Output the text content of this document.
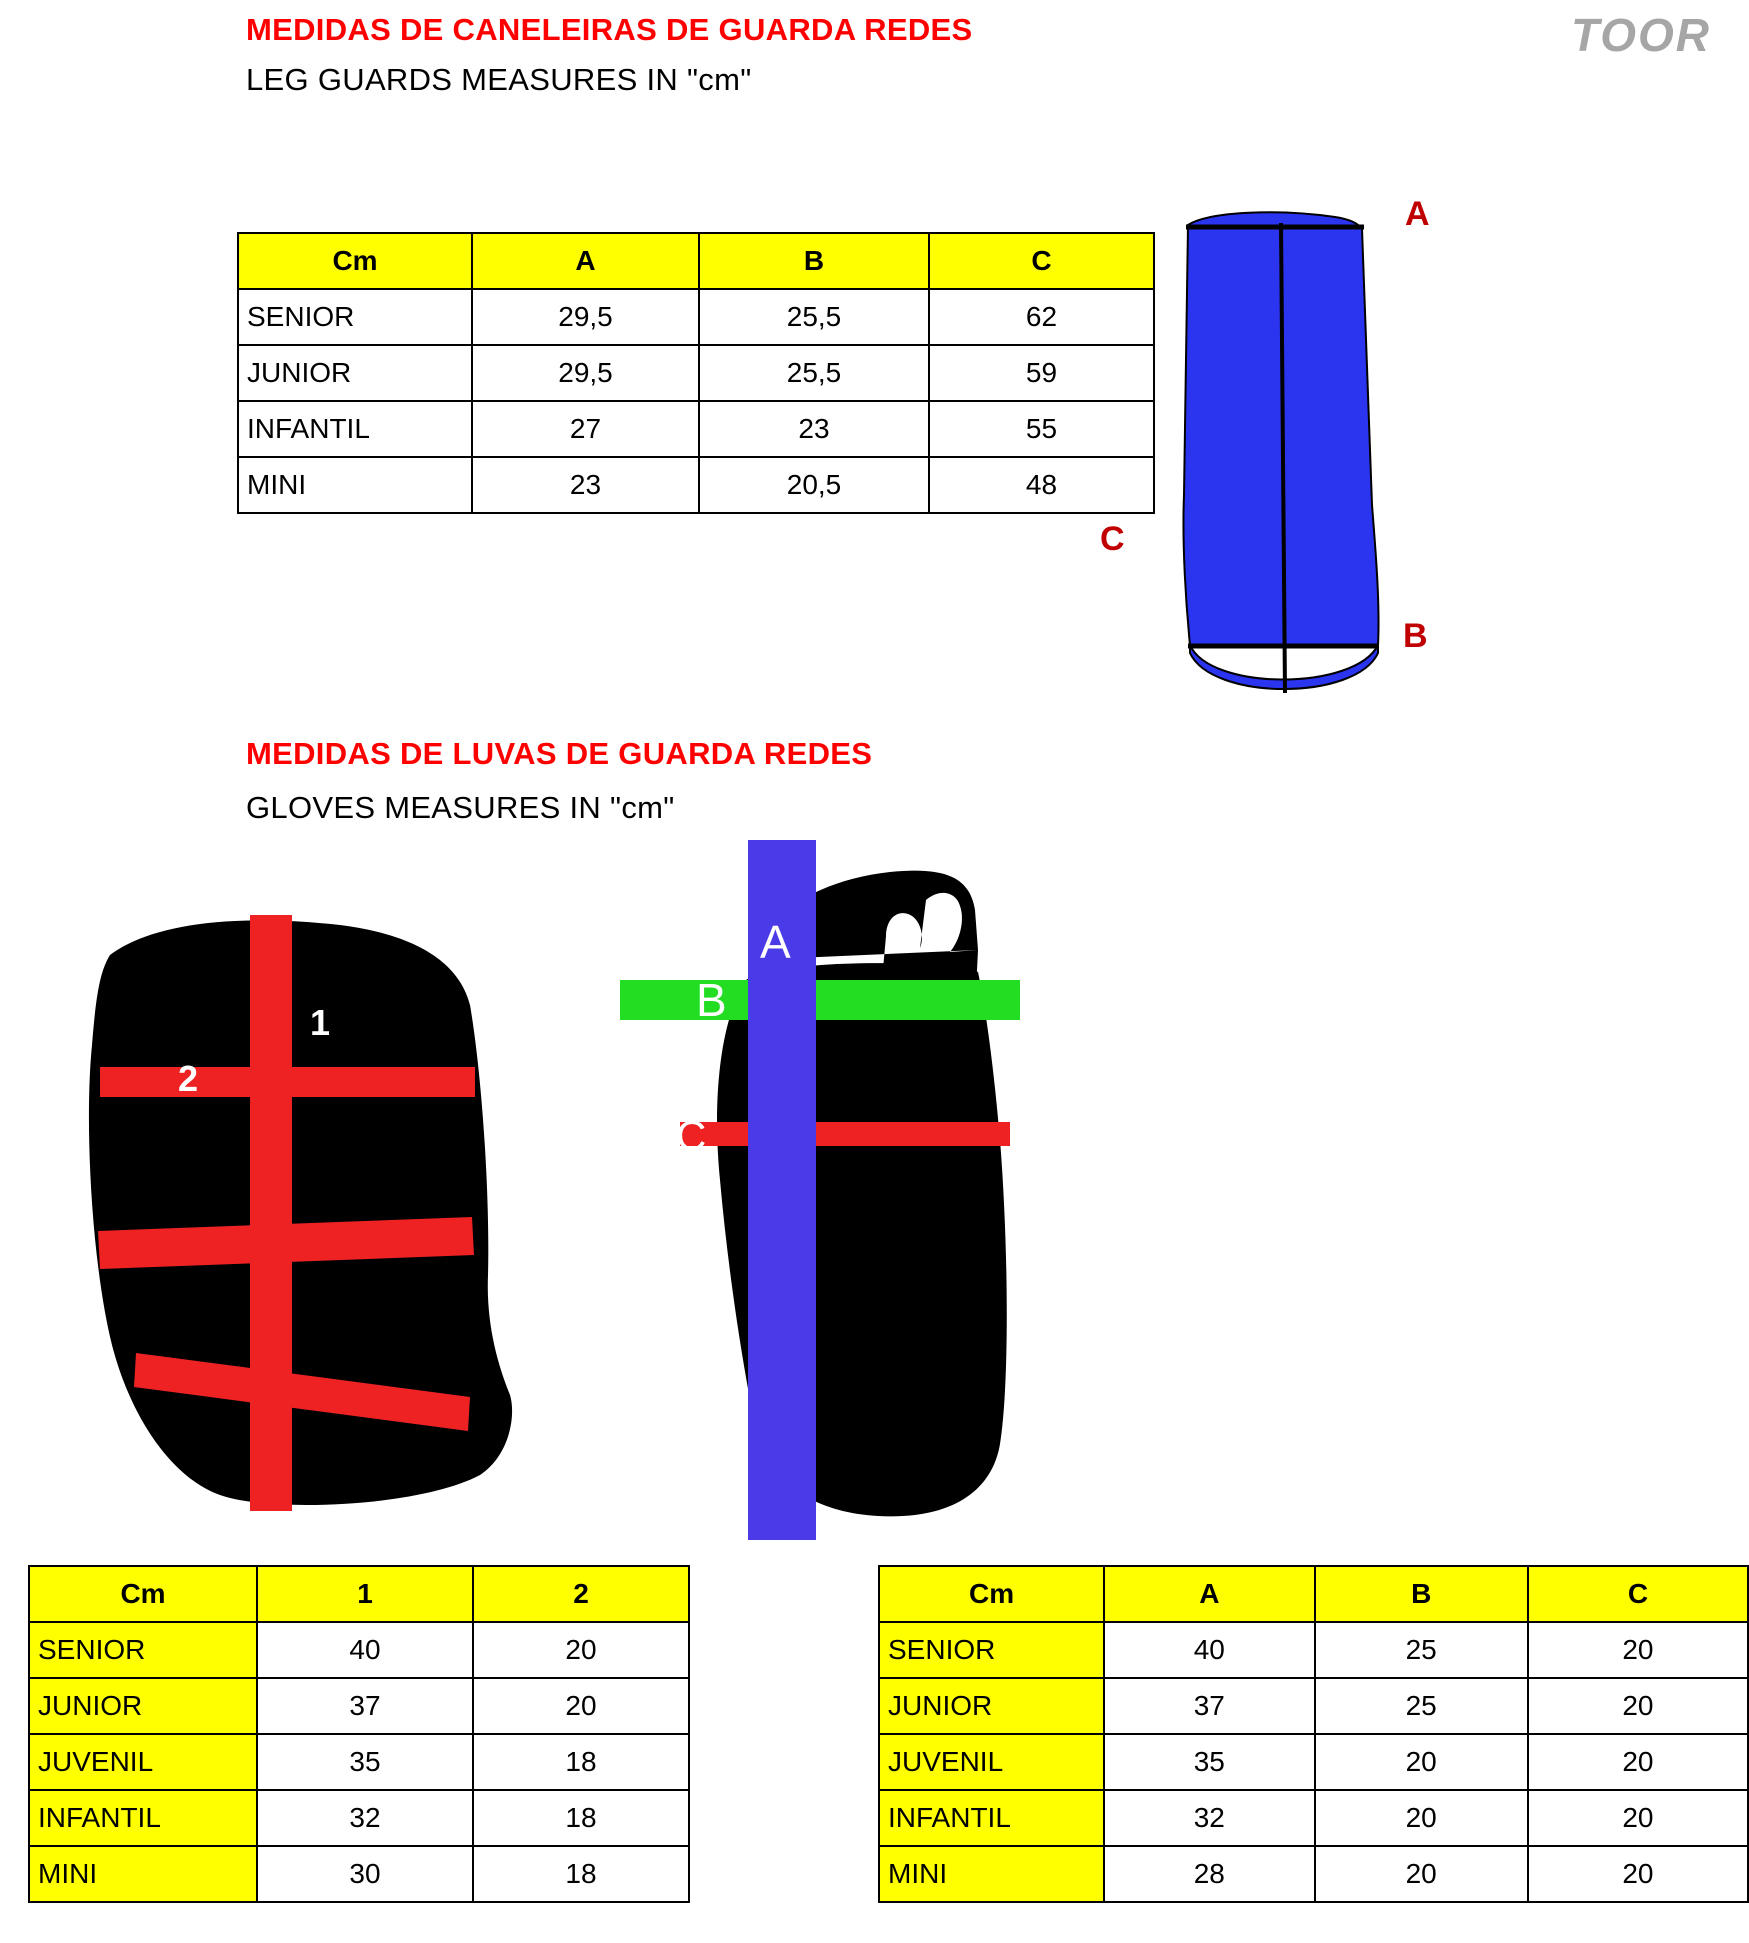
TOOR
MEDIDAS DE CANELEIRAS DE GUARDA REDES
LEG GUARDS MEASURES IN "cm"
Cm	A	B	C
SENIOR	29,5	25,5	62
JUNIOR	29,5	25,5	59
INFANTIL	27	23	55
MINI	23	20,5	48
A
C
B
MEDIDAS DE LUVAS DE GUARDA REDES
GLOVES MEASURES IN "cm"
1
2
A
B
C
Cm	1	2
SENIOR	40	20
JUNIOR	37	20
JUVENIL	35	18
INFANTIL	32	18
MINI	30	18
Cm	A	B	C
SENIOR	40	25	20
JUNIOR	37	25	20
JUVENIL	35	20	20
INFANTIL	32	20	20
MINI	28	20	20
